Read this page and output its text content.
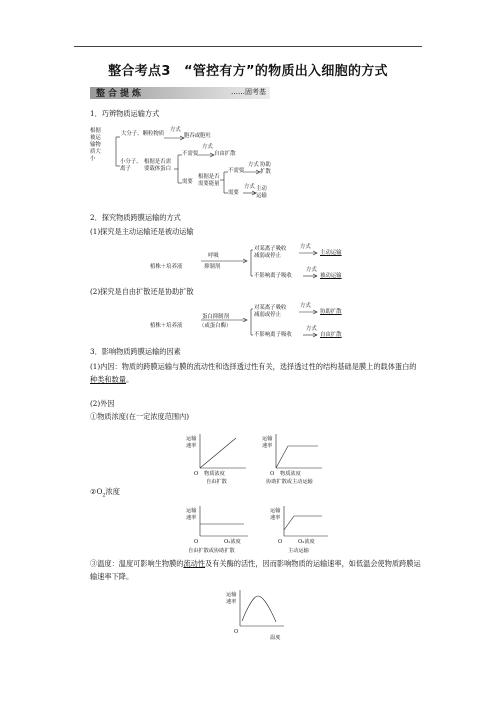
整合考点3　“管控有方”的物质出入细胞的方式
整合提炼	……固考基
1．巧辨物质运输方式
根据
被运
输物
质大
小
大分子、颗粒物质
方式
胞吞或胞吐
小分子、
离子
根据是否需
要载体蛋白
不需要
方式
自由扩散
需要
根据是否
需要能量
不需要
方式 协助
扩散
需要
方式 主动
运输
2．探究物质跨膜运输的方式
(1)探究是主动运输还是被动运输
植株＋培养液
呼吸
抑制剂
对某离子吸收
减弱或停止
方式
主动运输
不影响离子吸收
方式
被动运输
(2)探究是自由扩散还是协助扩散
植株＋培养液
蛋白抑制剂
（或蛋白酶）
对某离子吸收
减弱或停止
方式
协助扩散
不影响离子吸收
方式
自由扩散
3．影响物质跨膜运输的因素
(1)内因：物质的跨膜运输与膜的流动性和选择透过性有关，选择透过性的结构基础是膜上的载体蛋白的种类和数量。
(2)外因
①物质浓度(在一定浓度范围内)
运输
速率
O 物质浓度
自由扩散
运输
速率
O 物质浓度
协助扩散或主动运输
$②O_2$浓度
运输
速率
O	O₂浓度
自由扩散或协助扩散
运输
速率
O	O₂浓度
主动运输
③温度：温度可影响生物膜的流动性及有关酶的活性，因而影响物质的运输速率，如低温会使物质跨膜运输速率下降。
运输
速率
O
温度
